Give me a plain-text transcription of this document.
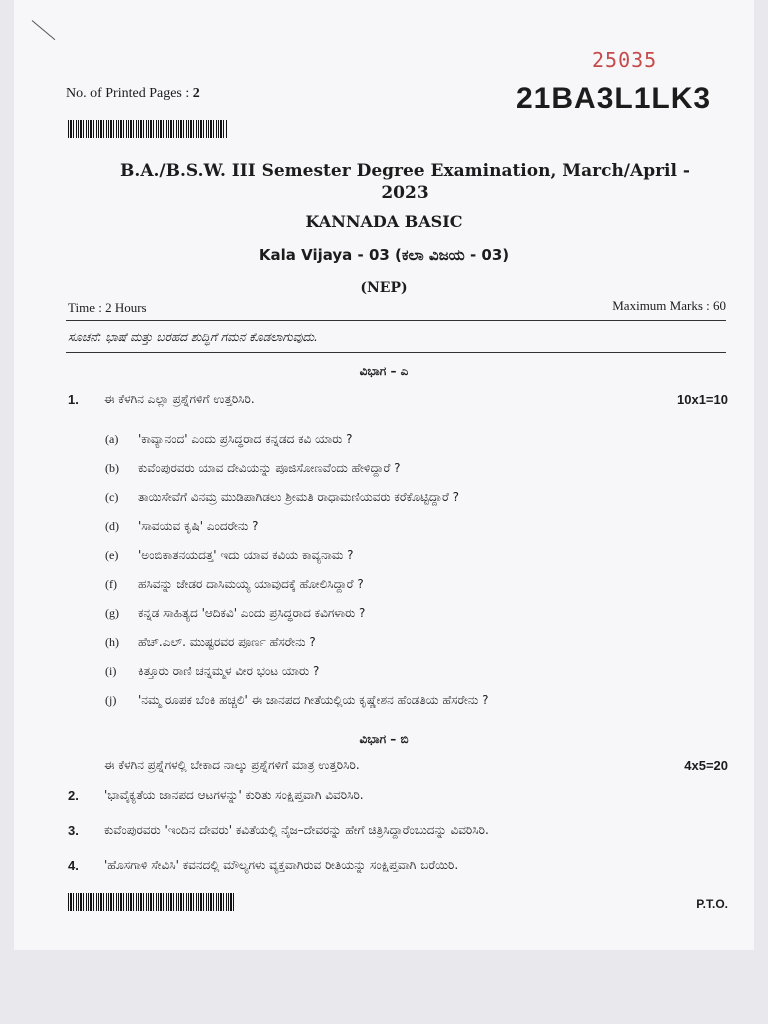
25035
No. of Printed Pages : 2	21BA3L1LK3
B.A./B.S.W. III Semester Degree Examination, March/April -
2023
KANNADA BASIC
Kala Vijaya - 03 (ಕಲಾ ವಿಜಯ - 03)
(NEP)
Time : 2 Hours	Maximum Marks : 60
ಸೂಚನೆ: ಭಾಷೆ ಮತ್ತು ಬರಹದ ಶುದ್ಧಿಗೆ ಗಮನ ಕೊಡಲಾಗುವುದು.
ವಿಭಾಗ – ಎ
1. ಈ ಕೆಳಗಿನ ಎಲ್ಲಾ ಪ್ರಶ್ನೆಗಳಿಗೆ ಉತ್ತರಿಸಿರಿ.	10x1=10
(a) 'ಕಾವ್ಯಾನಂದ' ಎಂದು ಪ್ರಸಿದ್ಧರಾದ ಕನ್ನಡದ ಕವಿ ಯಾರು ?
(b) ಕುವೆಂಪುರವರು ಯಾವ ದೇವಿಯನ್ನು ಪೂಜಿಸೋಣವೆಂದು ಹೇಳಿದ್ದಾರೆ ?
(c) ತಾಯಿಸೇವೆಗೆ ವಿನಮ್ರ ಮುಡಿಪಾಗಿಡಲು ಶ್ರೀಮತಿ ರಾಧಾಮಣಿಯವರು ಕರೆಕೊಟ್ಟಿದ್ದಾರೆ ?
(d) 'ಸಾವಯವ ಕೃಷಿ' ಎಂದರೇನು ?
(e) 'ಅಂಬಿಕಾತನಯದತ್ತ' ಇದು ಯಾವ ಕವಿಯ ಕಾವ್ಯನಾಮ ?
(f) ಹಸಿವನ್ನು ಜೇಡರ ದಾಸಿಮಯ್ಯ ಯಾವುದಕ್ಕೆ ಹೋಲಿಸಿದ್ದಾರೆ ?
(g) ಕನ್ನಡ ಸಾಹಿತ್ಯದ 'ಆದಿಕವಿ' ಎಂದು ಪ್ರಸಿದ್ಧರಾದ ಕವಿಗಳಾರು ?
(h) ಹೆಚ್.ಎಲ್. ಮುಷ್ಟರವರ ಪೂರ್ಣ ಹೆಸರೇನು ?
(i) ಕಿತ್ತೂರು ರಾಣಿ ಚನ್ನಮ್ಮಳ ವೀರ ಭಂಟ ಯಾರು ?
(j) 'ನಮ್ಮ ರೂಪಕ ಬೆಂಕಿ ಹಚ್ಚಲಿ' ಈ ಜಾನಪದ ಗೀತೆಯಲ್ಲಿಯ ಕೃಷ್ಣೇಶನ ಹೆಂಡತಿಯ ಹೆಸರೇನು ?
ವಿಭಾಗ – ಬಿ
ಈ ಕೆಳಗಿನ ಪ್ರಶ್ನೆಗಳಲ್ಲಿ ಬೇಕಾದ ನಾಲ್ಕು ಪ್ರಶ್ನೆಗಳಿಗೆ ಮಾತ್ರ ಉತ್ತರಿಸಿರಿ.	4x5=20
2. 'ಭಾವೈಕ್ಯತೆಯ ಜಾನಪದ ಆಟಗಳನ್ನು' ಕುರಿತು ಸಂಕ್ಷಿಪ್ತವಾಗಿ ವಿವರಿಸಿರಿ.
3. ಕುವೆಂಪುರವರು 'ಇಂದಿನ ದೇವರು' ಕವಿತೆಯಲ್ಲಿ ನೈಜ–ದೇವರನ್ನು ಹೇಗೆ ಚಿತ್ರಿಸಿದ್ದಾರೆಂಬುದನ್ನು ವಿವರಿಸಿರಿ.
4. 'ಹೊಸಗಾಳಿ ಸೇವಿಸಿ' ಕವನದಲ್ಲಿ ಮೌಲ್ಯಗಳು ವ್ಯಕ್ತವಾಗಿರುವ ರೀತಿಯನ್ನು ಸಂಕ್ಷಿಪ್ತವಾಗಿ ಬರೆಯಿರಿ.
P.T.O.
